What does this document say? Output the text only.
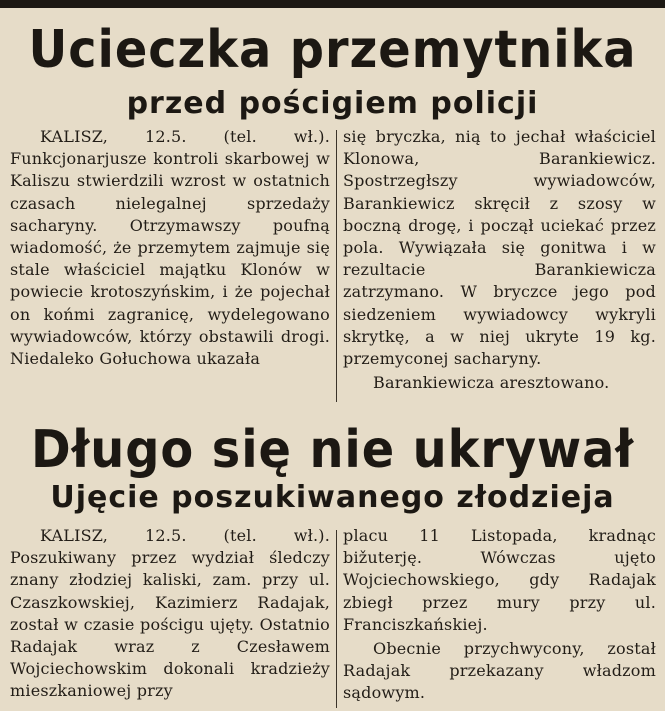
Ucieczka przemytnika
przed pościgiem policji

KALISZ, 12.5. (tel. wł.). Funkcjonarjusze kontroli skarbowej w Kaliszu stwierdzili wzrost w ostatnich czasach nielegalnej sprzedaży sacharyny. Otrzymawszy poufną wiadomość, że przemytem zajmuje się stale właściciel majątku Klonów w powiecie krotoszyńskim, i że pojechał on końmi zagranicę, wydelegowano wywiadowców, którzy obstawili drogi. Niedaleko Gołuchowa ukazała

się bryczka, nią to jechał właściciel Klonowa, Barankiewicz. Spostrzegłszy wywiadowców, Barankiewicz skręcił z szosy w boczną drogę, i począł uciekać przez pola. Wywiązała się gonitwa i w rezultacie Barankiewicza zatrzymano. W bryczce jego pod siedzeniem wywiadowcy wykryli skrytkę, a w niej ukryte 19 kg. przemyconej sacharyny.

Barankiewicza aresztowano.

Długo się nie ukrywał
Ujęcie poszukiwanego złodzieja

KALISZ, 12.5. (tel. wł.). Poszukiwany przez wydział śledczy znany złodziej kaliski, zam. przy ul. Czaszkowskiej, Kazimierz Radajak, został w czasie pościgu ujęty. Ostatnio Radajak wraz z Czesławem Wojciechowskim dokonali kradzieży mieszkaniowej przy

placu 11 Listopada, kradnąc bižuterję. Wówczas ujęto Wojciechowskiego, gdy Radajak zbiegł przez mury przy ul. Franciszkańskiej.

Obecnie przychwycony, został Radajak przekazany władzom sądowym.
